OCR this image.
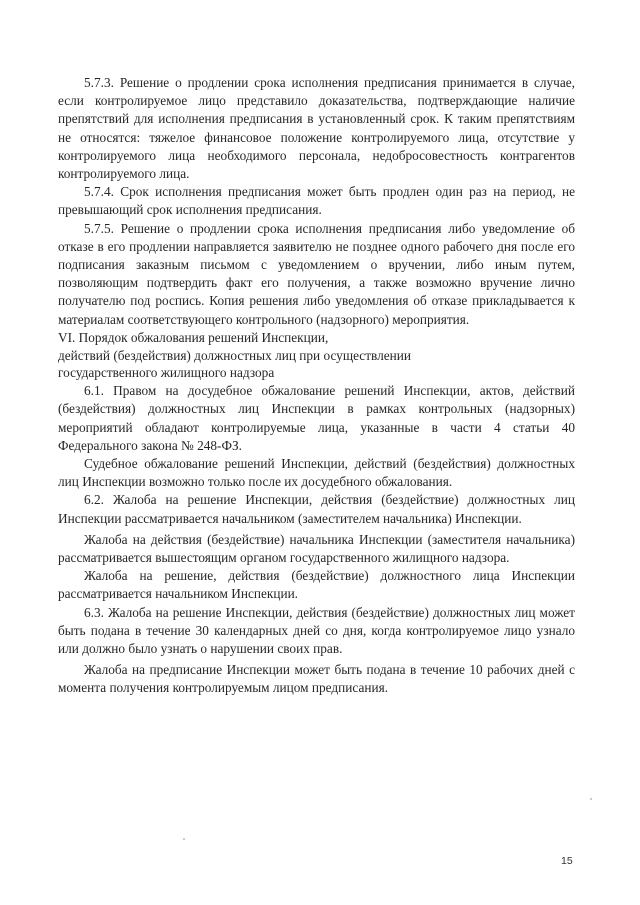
5.7.3. Решение о продлении срока исполнения предписания принимается в случае, если контролируемое лицо представило доказательства, подтверждающие наличие препятствий для исполнения предписания в установленный срок. К таким препятствиям не относятся: тяжелое финансовое положение контролируемого лица, отсутствие у контролируемого лица необходимого персонала, недобросовестность контрагентов контролируемого лица.

5.7.4. Срок исполнения предписания может быть продлен один раз на период, не превышающий срок исполнения предписания.

5.7.5. Решение о продлении срока исполнения предписания либо уведомление об отказе в его продлении направляется заявителю не позднее одного рабочего дня после его подписания заказным письмом с уведомлением о вручении, либо иным путем, позволяющим подтвердить факт его получения, а также возможно вручение лично получателю под роспись. Копия решения либо уведомления об отказе прикладывается к материалам соответствующего контрольного (надзорного) мероприятия.

VI. Порядок обжалования решений Инспекции,
действий (бездействия) должностных лиц при осуществлении
государственного жилищного надзора

6.1. Правом на досудебное обжалование решений Инспекции, актов, действий (бездействия) должностных лиц Инспекции в рамках контрольных (надзорных) мероприятий обладают контролируемые лица, указанные в части 4 статьи 40 Федерального закона № 248-ФЗ.

Судебное обжалование решений Инспекции, действий (бездействия) должностных лиц Инспекции возможно только после их досудебного обжалования.

6.2. Жалоба на решение Инспекции, действия (бездействие) должностных лиц Инспекции рассматривается начальником (заместителем начальника) Инспекции.

Жалоба на действия (бездействие) начальника Инспекции (заместителя начальника) рассматривается вышестоящим органом государственного жилищного надзора.

Жалоба на решение, действия (бездействие) должностного лица Инспекции рассматривается начальником Инспекции.

6.3. Жалоба на решение Инспекции, действия (бездействие) должностных лиц может быть подана в течение 30 календарных дней со дня, когда контролируемое лицо узнало или должно было узнать о нарушении своих прав.

Жалоба на предписание Инспекции может быть подана в течение 10 рабочих дней с момента получения контролируемым лицом предписания.

15
